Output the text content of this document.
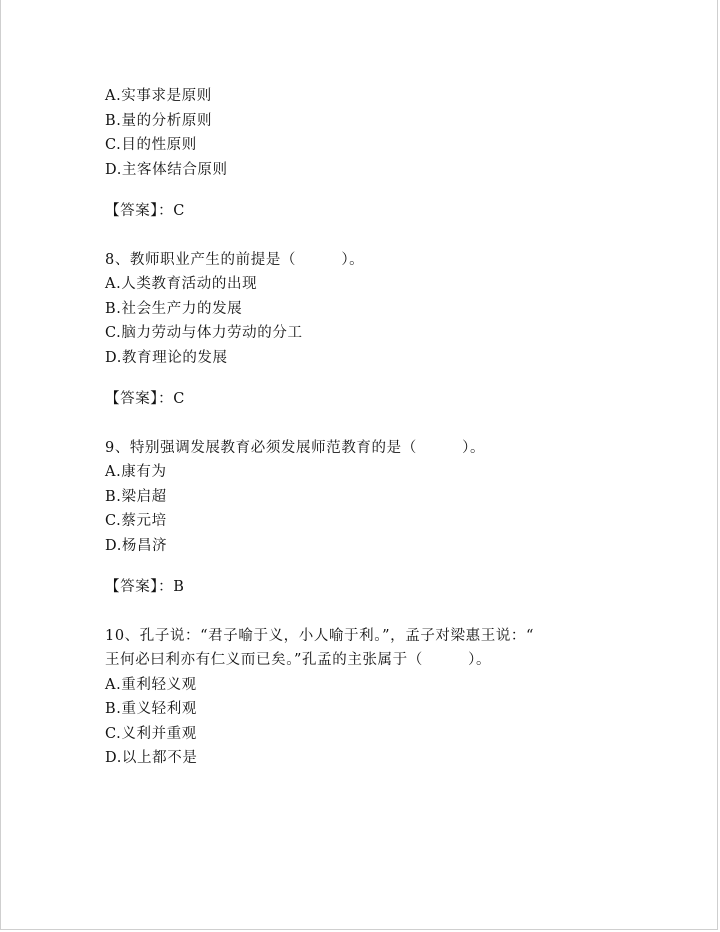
A.实事求是原则
B.量的分析原则
C.目的性原则
D.主客体结合原则
【答案】：C
8、教师职业产生的前提是（　　　）。
A.人类教育活动的出现
B.社会生产力的发展
C.脑力劳动与体力劳动的分工
D.教育理论的发展
【答案】：C
9、特别强调发展教育必须发展师范教育的是（　　　）。
A.康有为
B.梁启超
C.蔡元培
D.杨昌济
【答案】：B
10、孔子说：“君子喻于义，小人喻于利。”，孟子对梁惠王说：“
王何必曰利亦有仁义而已矣。”孔孟的主张属于（　　　）。
A.重利轻义观
B.重义轻利观
C.义利并重观
D.以上都不是
